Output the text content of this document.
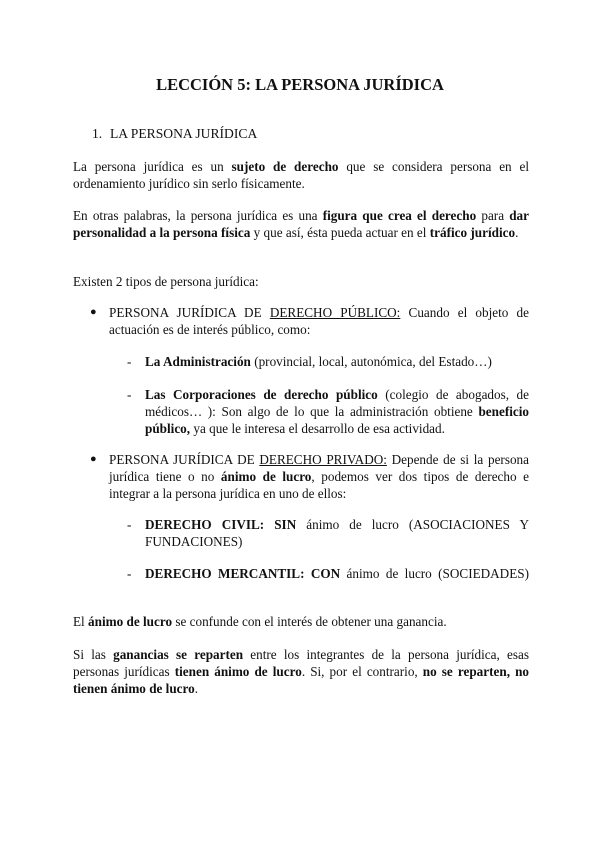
LECCIÓN 5: LA PERSONA JURÍDICA
1. LA PERSONA JURÍDICA

La persona jurídica es un sujeto de derecho que se considera persona en el ordenamiento jurídico sin serlo físicamente.

En otras palabras, la persona jurídica es una figura que crea el derecho para dar personalidad a la persona física y que así, ésta pueda actuar en el tráfico jurídico.

Existen 2 tipos de persona jurídica:

● PERSONA JURÍDICA DE DERECHO PÚBLICO: Cuando el objeto de actuación es de interés público, como:
- La Administración (provincial, local, autonómica, del Estado…)
- Las Corporaciones de derecho público (colegio de abogados, de médicos… ): Son algo de lo que la administración obtiene beneficio público, ya que le interesa el desarrollo de esa actividad.
● PERSONA JURÍDICA DE DERECHO PRIVADO: Depende de si la persona jurídica tiene o no ánimo de lucro, podemos ver dos tipos de derecho e integrar a la persona jurídica en uno de ellos:
- DERECHO CIVIL: SIN ánimo de lucro (ASOCIACIONES Y FUNDACIONES)
- DERECHO MERCANTIL: CON ánimo de lucro (SOCIEDADES)

El ánimo de lucro se confunde con el interés de obtener una ganancia.

Si las ganancias se reparten entre los integrantes de la persona jurídica, esas personas jurídicas tienen ánimo de lucro. Si, por el contrario, no se reparten, no tienen ánimo de lucro.
